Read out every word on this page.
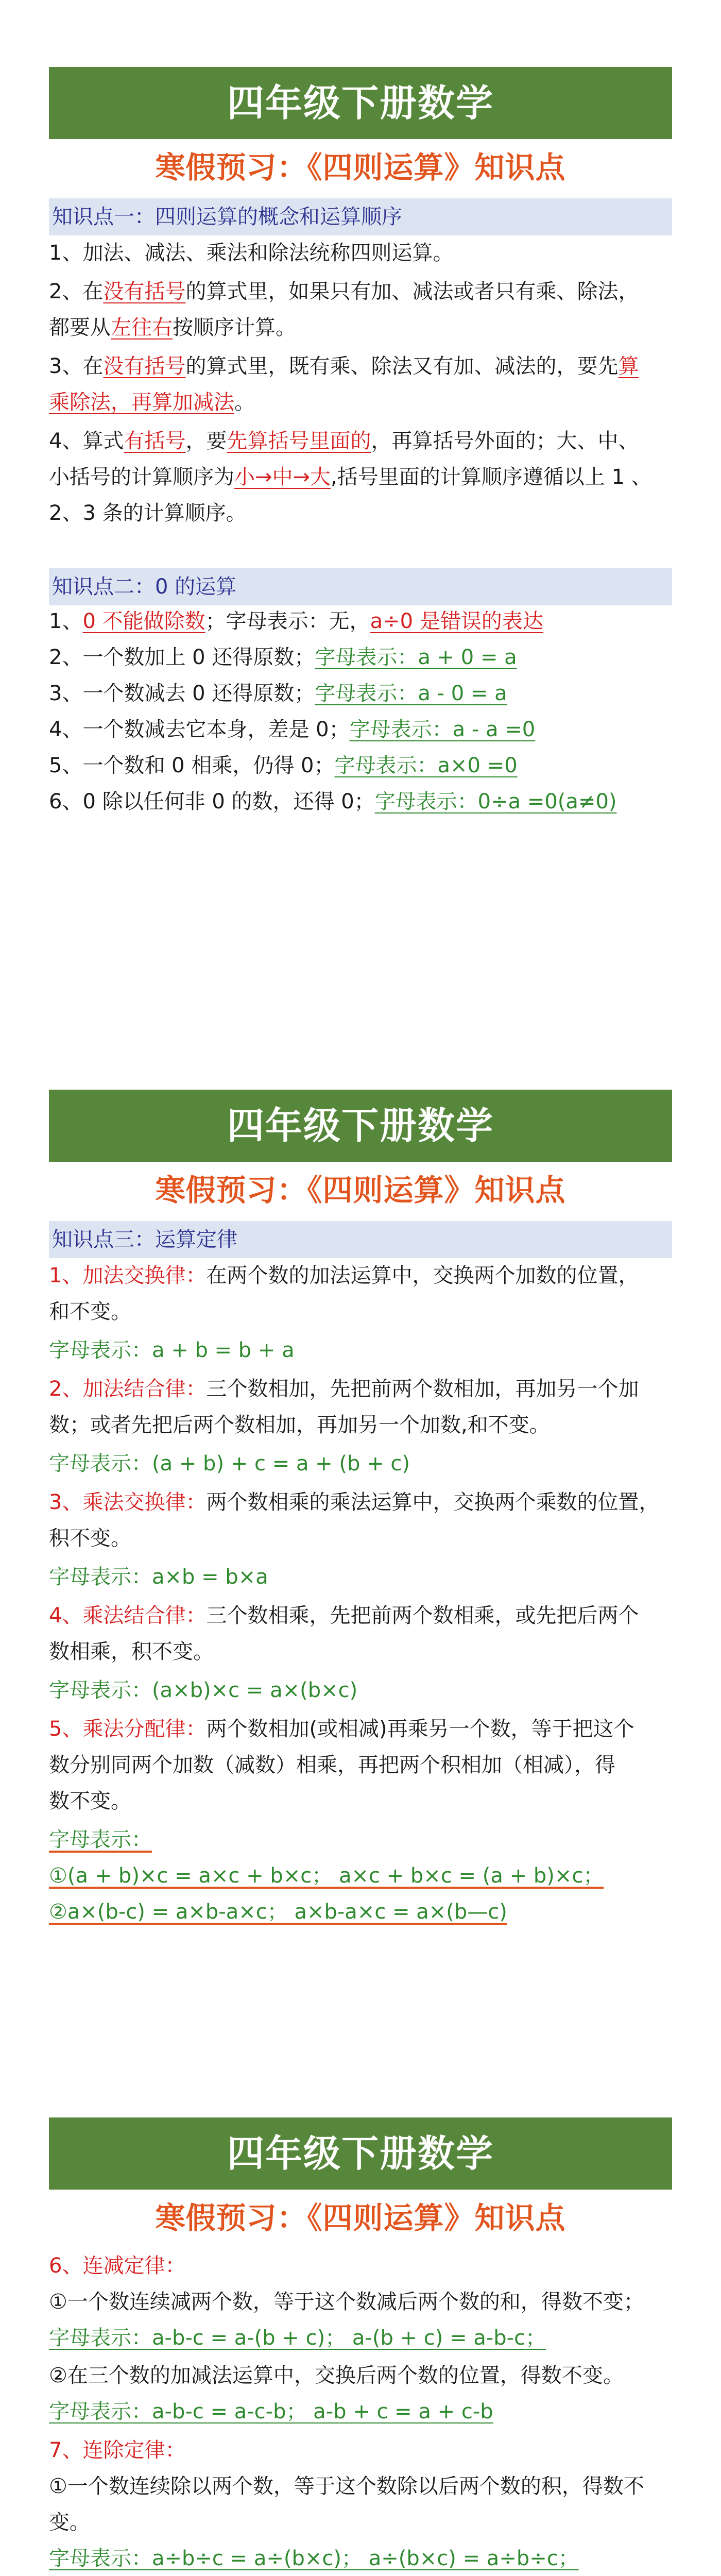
四年级下册数学
寒假预习：《四则运算》知识点
知识点一：四则运算的概念和运算顺序
1、加法、减法、乘法和除法统称四则运算。
2、在没有括号的算式里，如果只有加、减法或者只有乘、除法，
都要从左往右按顺序计算。
3、在没有括号的算式里，既有乘、除法又有加、减法的，要先算
乘除法，再算加减法。
4、算式有括号，要先算括号里面的，再算括号外面的；大、中、
小括号的计算顺序为小→中→大,括号里面的计算顺序遵循以上 1 、
2、3 条的计算顺序。
知识点二：0 的运算
1、0 不能做除数；字母表示：无，a÷0 是错误的表达
2、一个数加上 0 还得原数；字母表示：a + 0 = a
3、一个数减去 0 还得原数；字母表示：a - 0 = a
4、一个数减去它本身，差是 0；字母表示：a - a =0
5、一个数和 0 相乘，仍得 0；字母表示：a×0 =0
6、0 除以任何非 0 的数，还得 0；字母表示：0÷a =0(a≠0)
四年级下册数学
寒假预习：《四则运算》知识点
知识点三：运算定律
1、加法交换律：在两个数的加法运算中，交换两个加数的位置，
和不变。
字母表示：a + b = b + a
2、加法结合律：三个数相加，先把前两个数相加，再加另一个加
数；或者先把后两个数相加，再加另一个加数,和不变。
字母表示：(a + b) + c = a + (b + c)
3、乘法交换律：两个数相乘的乘法运算中，交换两个乘数的位置，
积不变。
字母表示：a×b = b×a
4、乘法结合律：三个数相乘，先把前两个数相乘，或先把后两个
数相乘，积不变。
字母表示：(a×b)×c = a×(b×c)
5、乘法分配律：两个数相加(或相减)再乘另一个数，等于把这个
数分别同两个加数（减数）相乘，再把两个积相加（相减），得
数不变。
字母表示：
①(a + b)×c = a×c + b×c； a×c + b×c = (a + b)×c；
②a×(b-c) = a×b-a×c； a×b-a×c = a×(b—c)
四年级下册数学
寒假预习：《四则运算》知识点
6、连减定律：
①一个数连续减两个数，等于这个数减后两个数的和，得数不变；
字母表示：a-b-c = a-(b + c)； a-(b + c) = a-b-c；
②在三个数的加减法运算中，交换后两个数的位置，得数不变。
字母表示：a-b-c = a-c-b； a-b + c = a + c-b
7、连除定律：
①一个数连续除以两个数，等于这个数除以后两个数的积，得数不
变。
字母表示：a÷b÷c = a÷(b×c)； a÷(b×c) = a÷b÷c；
